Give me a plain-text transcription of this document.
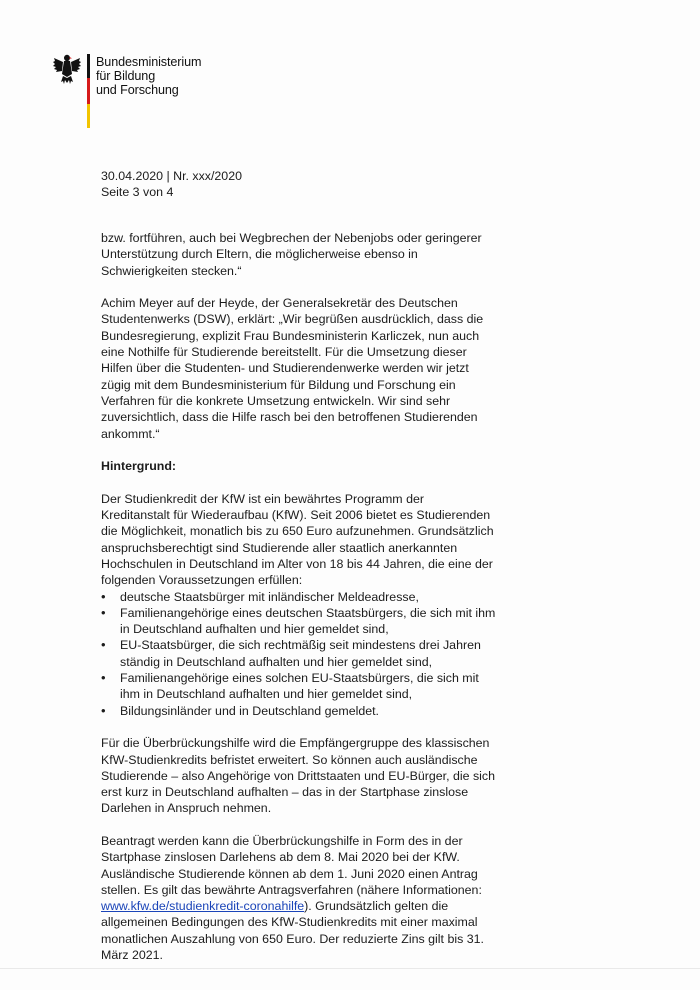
Bundesministerium
für Bildung
und Forschung
30.04.2020 | Nr. xxx/2020
Seite 3 von 4

bzw. fortführen, auch bei Wegbrechen der Nebenjobs oder geringerer Unterstützung durch Eltern, die möglicherweise ebenso in Schwierigkeiten stecken.“

Achim Meyer auf der Heyde, der Generalsekretär des Deutschen Studentenwerks (DSW), erklärt: „Wir begrüßen ausdrücklich, dass die Bundesregierung, explizit Frau Bundesministerin Karliczek, nun auch eine Nothilfe für Studierende bereitstellt. Für die Umsetzung dieser Hilfen über die Studenten- und Studierendenwerke werden wir jetzt zügig mit dem Bundesministerium für Bildung und Forschung ein Verfahren für die konkrete Umsetzung entwickeln. Wir sind sehr zuversichtlich, dass die Hilfe rasch bei den betroffenen Studierenden ankommt.“

Hintergrund:

Der Studienkredit der KfW ist ein bewährtes Programm der Kreditanstalt für Wiederaufbau (KfW). Seit 2006 bietet es Studierenden die Möglichkeit, monatlich bis zu 650 Euro aufzunehmen. Grundsätzlich anspruchsberechtigt sind Studierende aller staatlich anerkannten Hochschulen in Deutschland im Alter von 18 bis 44 Jahren, die eine der folgenden Voraussetzungen erfüllen:

• deutsche Staatsbürger mit inländischer Meldeadresse,
• Familienangehörige eines deutschen Staatsbürgers, die sich mit ihm in Deutschland aufhalten und hier gemeldet sind,
• EU-Staatsbürger, die sich rechtmäßig seit mindestens drei Jahren ständig in Deutschland aufhalten und hier gemeldet sind,
• Familienangehörige eines solchen EU-Staatsbürgers, die sich mit ihm in Deutschland aufhalten und hier gemeldet sind,
• Bildungsinländer und in Deutschland gemeldet.

Für die Überbrückungshilfe wird die Empfängergruppe des klassischen KfW-Studienkredits befristet erweitert. So können auch ausländische Studierende – also Angehörige von Drittstaaten und EU-Bürger, die sich erst kurz in Deutschland aufhalten – das in der Startphase zinslose Darlehen in Anspruch nehmen.

Beantragt werden kann die Überbrückungshilfe in Form des in der Startphase zinslosen Darlehens ab dem 8. Mai 2020 bei der KfW. Ausländische Studierende können ab dem 1. Juni 2020 einen Antrag stellen. Es gilt das bewährte Antragsverfahren (nähere Informationen: www.kfw.de/studienkredit-coronahilfe). Grundsätzlich gelten die allgemeinen Bedingungen des KfW-Studienkredits mit einer maximal monatlichen Auszahlung von 650 Euro. Der reduzierte Zins gilt bis 31. März 2021.
